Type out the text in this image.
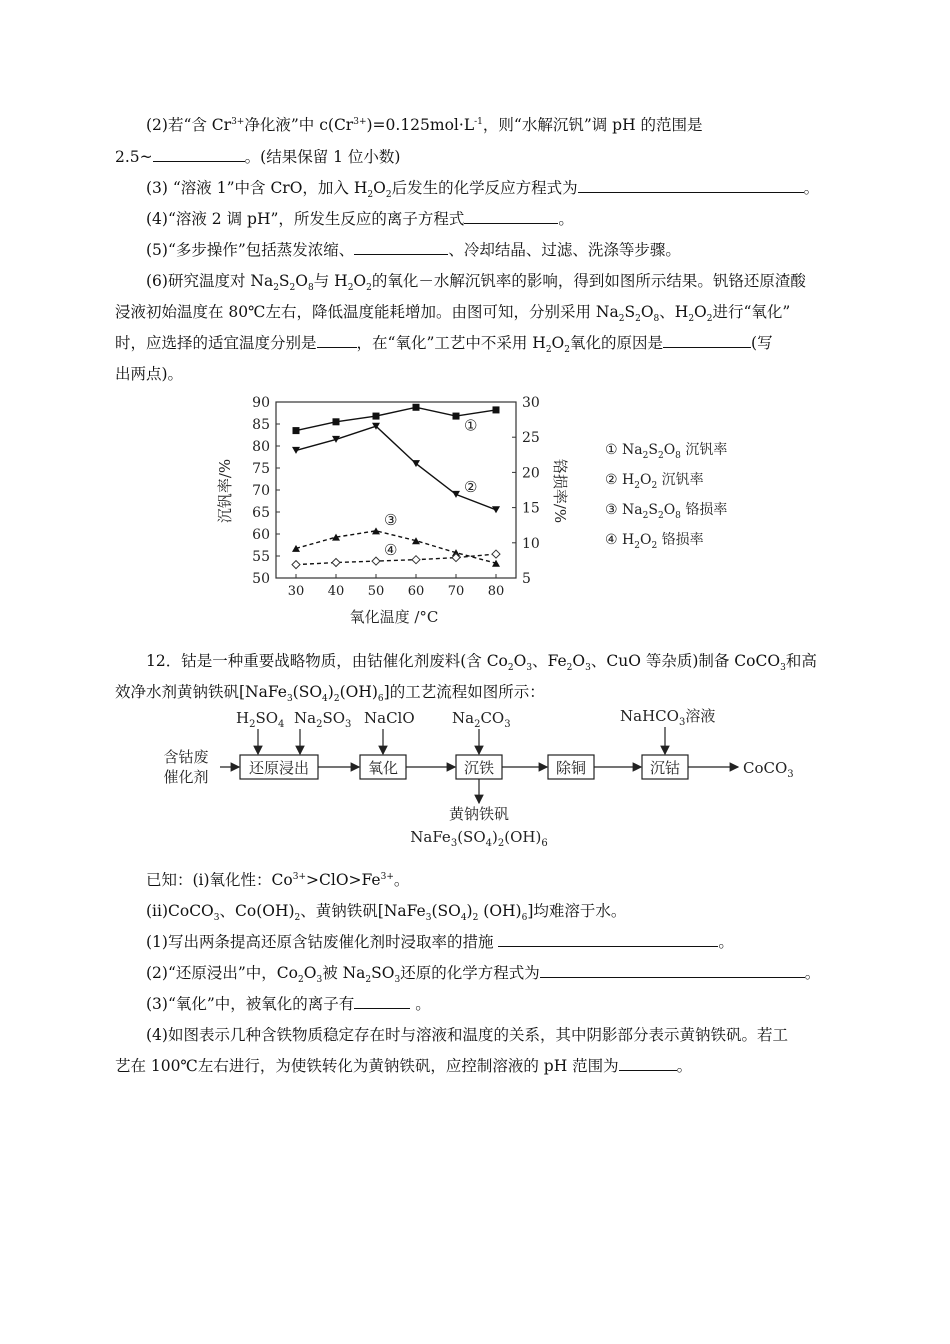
(2)若“含 $Cr^{3+}$净化液”中 $c(Cr^{3+})=0.125mol\cdot L^{-1}$，则“水解沉钒”调 pH 的范围是
2.5~	。(结果保留 1 位小数)
(3) “溶液 1”中含 CrO，加入 $H_2O_2$后发生的化学反应方程式为	。
(4)“溶液 2 调 pH”，所发生反应的离子方程式	。
(5)“多步操作”包括蒸发浓缩、	、冷却结晶、过滤、洗涤等步骤。
(6)研究温度对 $Na_2S_2O_8$与 $H_2O_2$的氧化－水解沉钒率的影响，得到如图所示结果。钒铬还原渣酸
浸液初始温度在 80℃左右，降低温度能耗增加。由图可知，分别采用 $Na_2S_2O_8$、$H_2O_2$进行“氧化”
时，应选择的适宜温度分别是	，在“氧化”工艺中不采用 $H_2O_2$氧化的原因是	(写
出两点)。
30 40 50 60 70 80
50
55
60
65
70
75
80
85
90
5
10
15
20
25
30
①
②
③
④
沉钒率/%	铬损率/%
氧化温度 /°C
① $Na_2S_2O_8$ 沉钒率
② $H_2O_2$ 沉钒率
③ $Na_2S_2O_8$ 铬损率
④ $H_2O_2$ 铬损率
12．钴是一种重要战略物质，由钴催化剂废料(含 $Co_2O_3$、$Fe_2O_3$、CuO 等杂质)制备 CoCO$_3$和高
效净水剂黄钠铁矾$[NaFe_3(SO_4)_2(OH)_6]$的工艺流程如图所示：
含钴废
催化剂	还原浸出	氧化	沉铁	除铜	沉钴	CoCO$_3$
$H_2SO_4$ $Na_2SO_3$ NaClO $Na_2CO_3$	NaHCO$_3$溶液
黄钠铁矾
$NaFe_3(SO_4)_2(OH)_6$
已知：(i)氧化性：$Co^{3+}>ClO>Fe^{3+}$。
(ii)CoCO$_3$、$Co(OH)_2$、黄钠铁矾[$NaFe_3(SO_4)_2$ $(OH)_6$]均难溶于水。
(1)写出两条提高还原含钴废催化剂时浸取率的措施	。
(2)“还原浸出”中，$Co_2O_3$被 $Na_2SO_3$还原的化学方程式为	。
(3)“氧化”中，被氧化的离子有	。
(4)如图表示几种含铁物质稳定存在时与溶液和温度的关系，其中阴影部分表示黄钠铁矾。若工
艺在 100℃左右进行，为使铁转化为黄钠铁矾，应控制溶液的 pH 范围为	。
